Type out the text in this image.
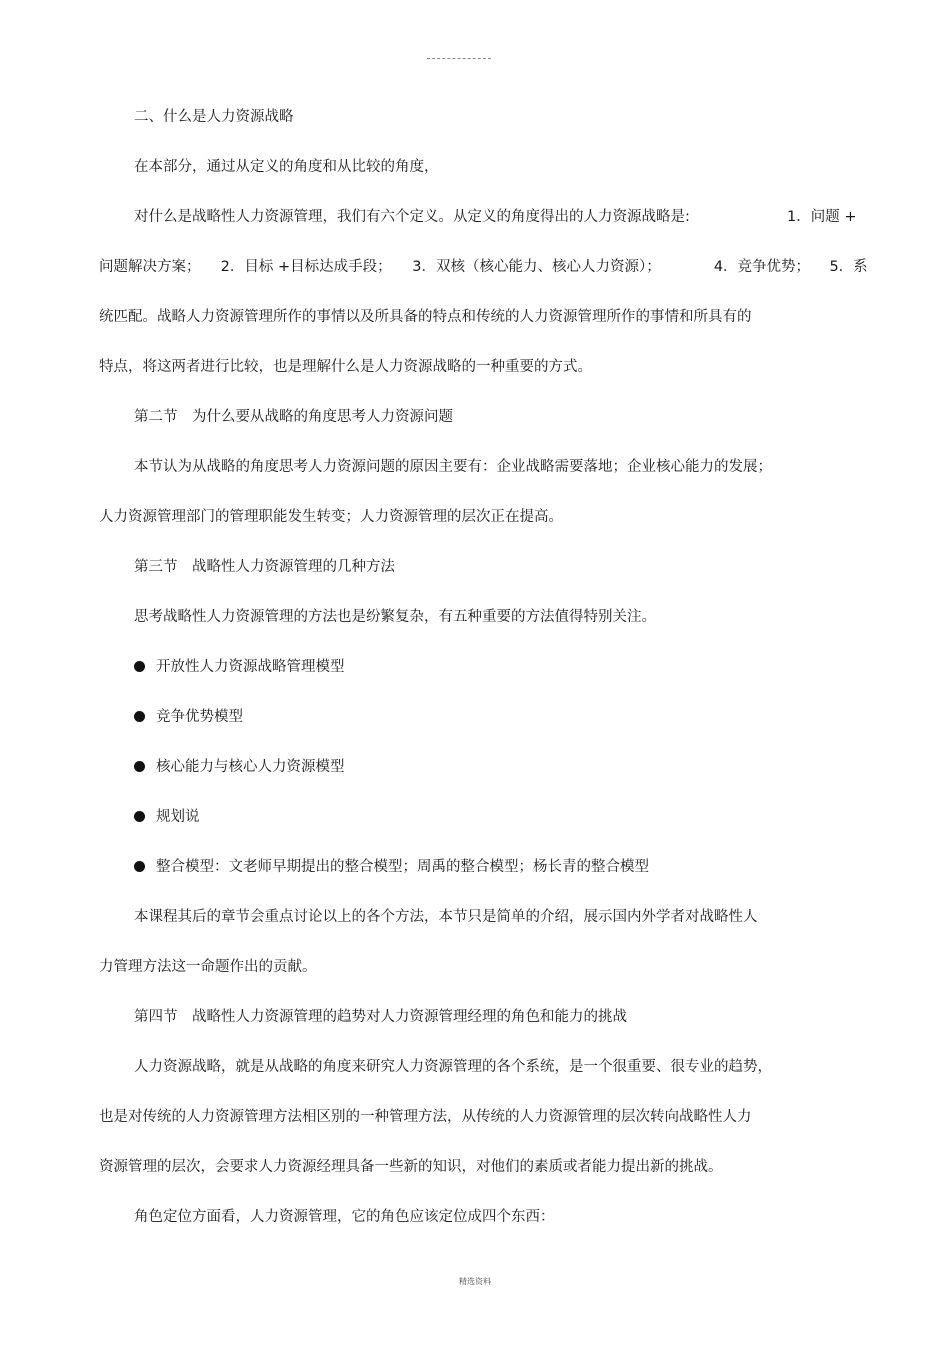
二、什么是人力资源战略
在本部分，通过从定义的角度和从比较的角度，
对什么是战略性人力资源管理，我们有六个定义。从定义的角度得出的人力资源战略是:	1．问题 +
问题解决方案； 2．目标 +目标达成手段； 3．双核（核心能力、核心人力资源）；	4．竞争优势； 5．系
统匹配。战略人力资源管理所作的事情以及所具备的特点和传统的人力资源管理所作的事情和所具有的
特点，将这两者进行比较，也是理解什么是人力资源战略的一种重要的方式。
第二节　为什么要从战略的角度思考人力资源问题
本节认为从战略的角度思考人力资源问题的原因主要有：企业战略需要落地；企业核心能力的发展；
人力资源管理部门的管理职能发生转变；人力资源管理的层次正在提高。
第三节　战略性人力资源管理的几种方法
思考战略性人力资源管理的方法也是纷繁复杂，有五种重要的方法值得特别关注。
开放性人力资源战略管理模型
竞争优势模型
核心能力与核心人力资源模型
规划说
整合模型：文老师早期提出的整合模型；周禹的整合模型；杨长青的整合模型
本课程其后的章节会重点讨论以上的各个方法，本节只是简单的介绍，展示国内外学者对战略性人
力管理方法这一命题作出的贡献。
第四节　战略性人力资源管理的趋势对人力资源管理经理的角色和能力的挑战
人力资源战略，就是从战略的角度来研究人力资源管理的各个系统，是一个很重要、很专业的趋势，
也是对传统的人力资源管理方法相区别的一种管理方法，从传统的人力资源管理的层次转向战略性人力
资源管理的层次，会要求人力资源经理具备一些新的知识，对他们的素质或者能力提出新的挑战。
角色定位方面看，人力资源管理，它的角色应该定位成四个东西：
精选资料
